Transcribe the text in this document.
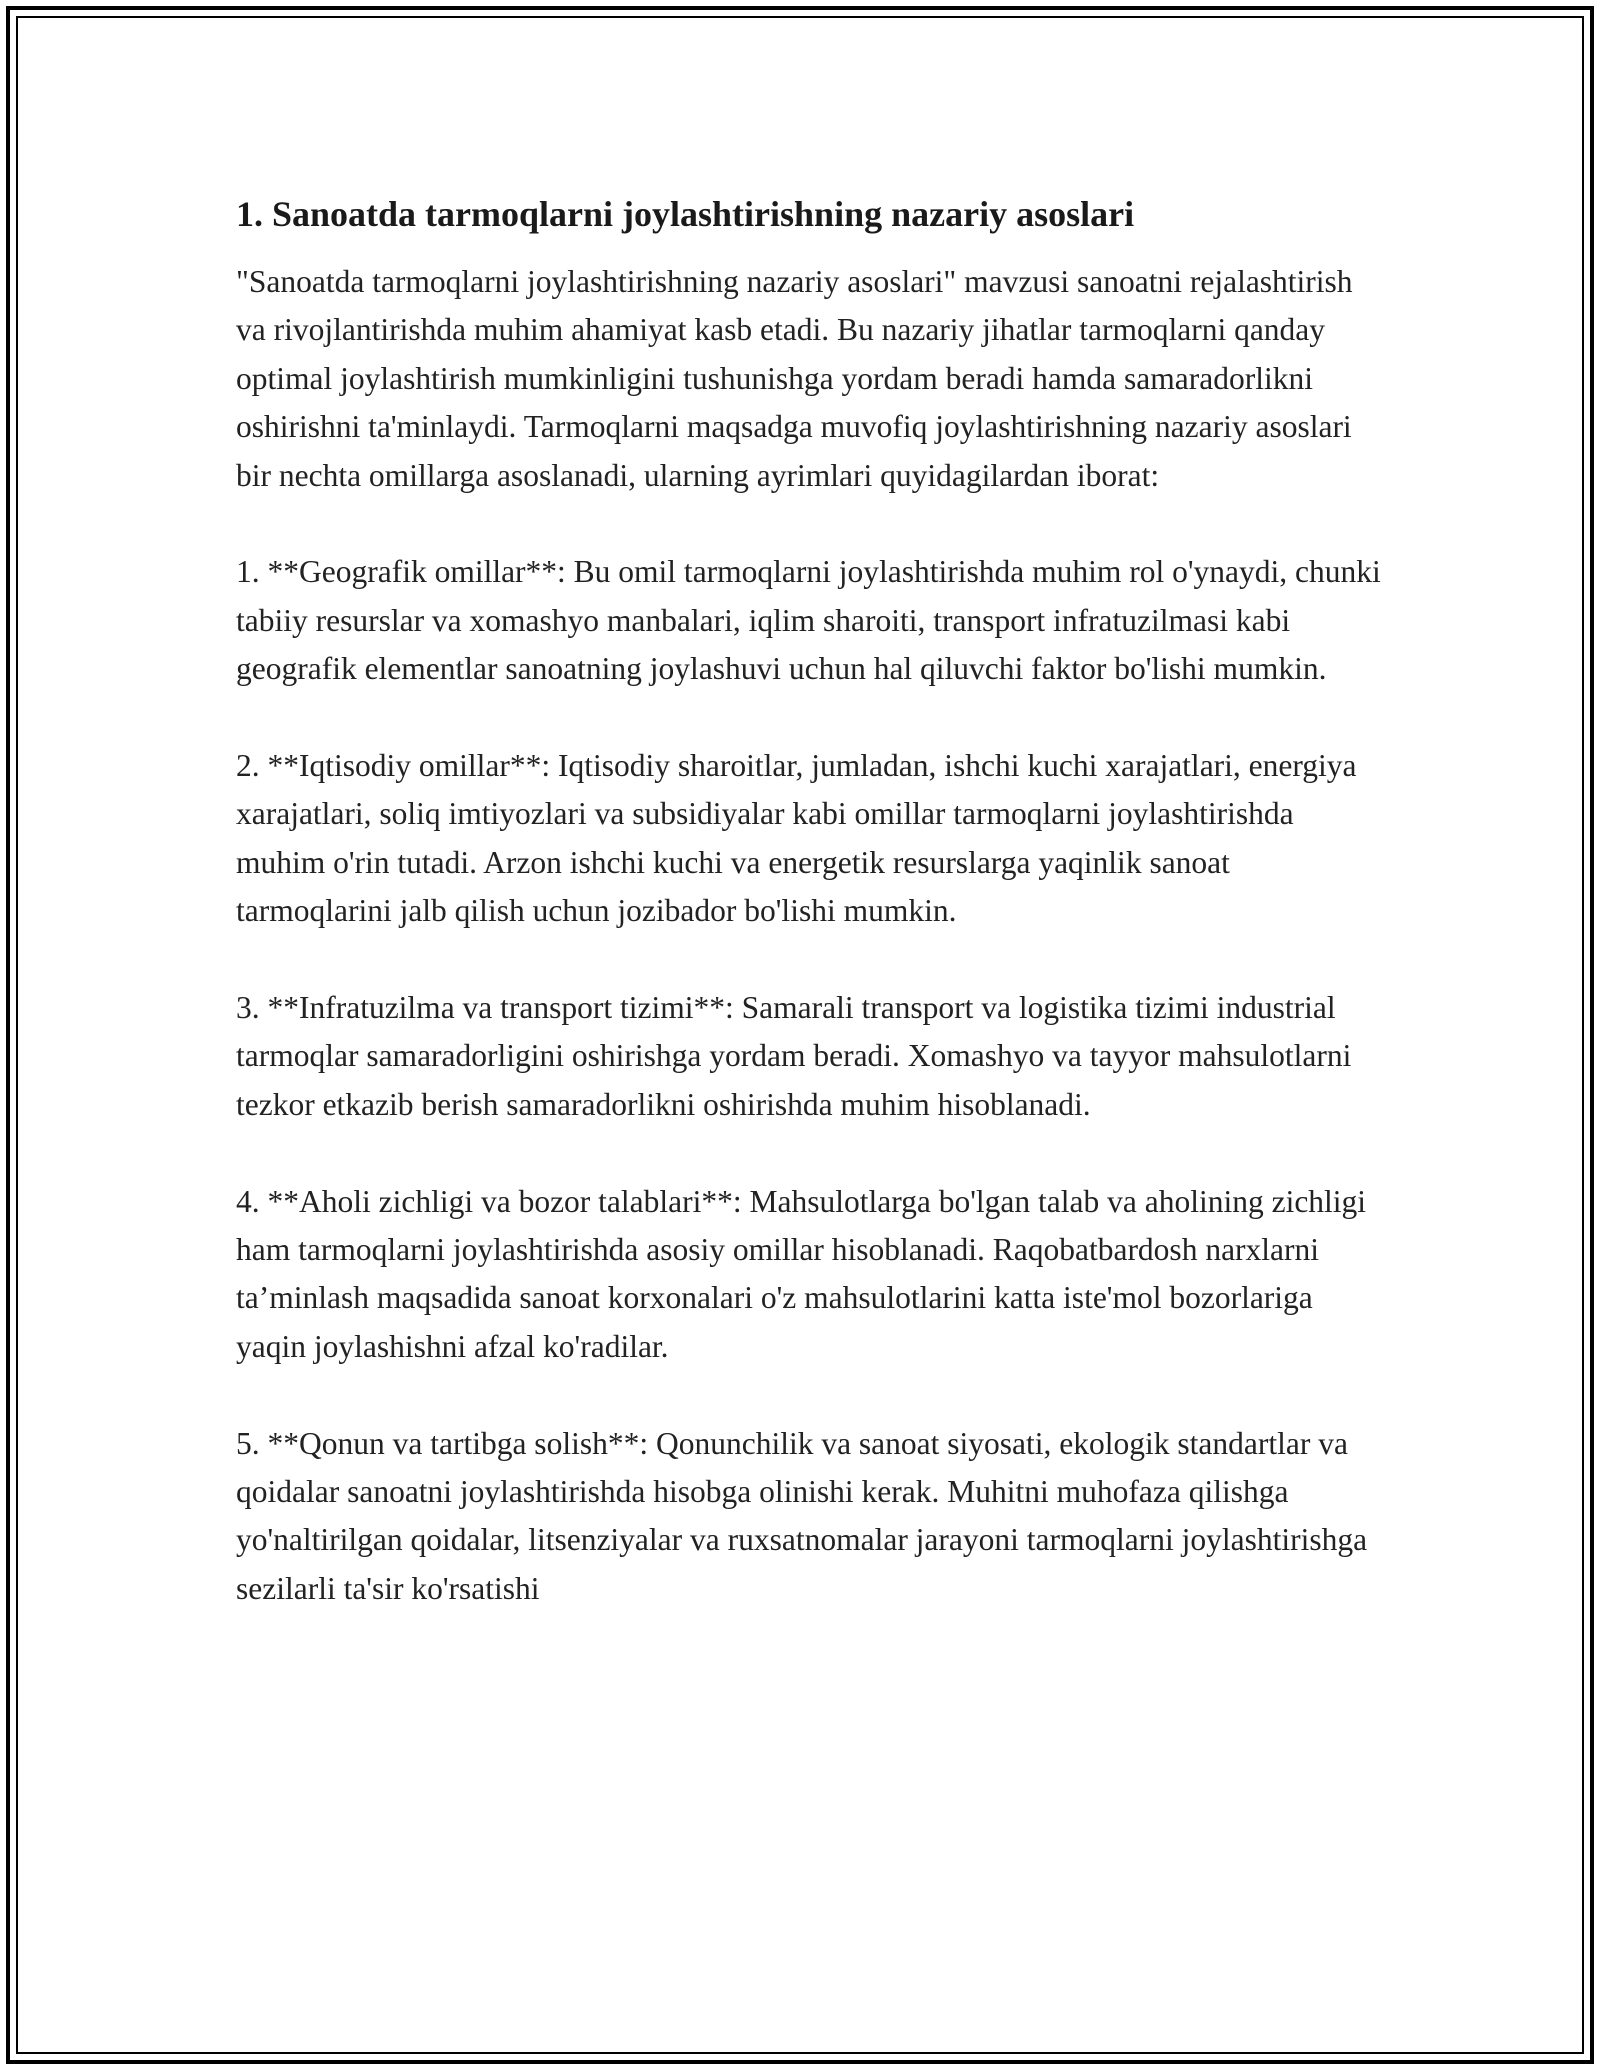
1. Sanoatda tarmoqlarni joylashtirishning nazariy asoslari

"Sanoatda tarmoqlarni joylashtirishning nazariy asoslari" mavzusi sanoatni rejalashtirish va rivojlantirishda muhim ahamiyat kasb etadi. Bu nazariy jihatlar tarmoqlarni qanday optimal joylashtirish mumkinligini tushunishga yordam beradi hamda samaradorlikni oshirishni ta'minlaydi. Tarmoqlarni maqsadga muvofiq joylashtirishning nazariy asoslari bir nechta omillarga asoslanadi, ularning ayrimlari quyidagilardan iborat:

1. **Geografik omillar**: Bu omil tarmoqlarni joylashtirishda muhim rol o'ynaydi, chunki tabiiy resurslar va xomashyo manbalari, iqlim sharoiti, transport infratuzilmasi kabi geografik elementlar sanoatning joylashuvi uchun hal qiluvchi faktor bo'lishi mumkin.

2. **Iqtisodiy omillar**: Iqtisodiy sharoitlar, jumladan, ishchi kuchi xarajatlari, energiya xarajatlari, soliq imtiyozlari va subsidiyalar kabi omillar tarmoqlarni joylashtirishda muhim o'rin tutadi. Arzon ishchi kuchi va energetik resurslarga yaqinlik sanoat tarmoqlarini jalb qilish uchun jozibador bo'lishi mumkin.

3. **Infratuzilma va transport tizimi**: Samarali transport va logistika tizimi industrial tarmoqlar samaradorligini oshirishga yordam beradi. Xomashyo va tayyor mahsulotlarni tezkor etkazib berish samaradorlikni oshirishda muhim hisoblanadi.

4. **Aholi zichligi va bozor talablari**: Mahsulotlarga bo'lgan talab va aholining zichligi ham tarmoqlarni joylashtirishda asosiy omillar hisoblanadi. Raqobatbardosh narxlarni ta’minlash maqsadida sanoat korxonalari o'z mahsulotlarini katta iste'mol bozorlariga yaqin joylashishni afzal ko'radilar.

5. **Qonun va tartibga solish**: Qonunchilik va sanoat siyosati, ekologik standartlar va qoidalar sanoatni joylashtirishda hisobga olinishi kerak. Muhitni muhofaza qilishga yo'naltirilgan qoidalar, litsenziyalar va ruxsatnomalar jarayoni tarmoqlarni joylashtirishga sezilarli ta'sir ko'rsatishi
